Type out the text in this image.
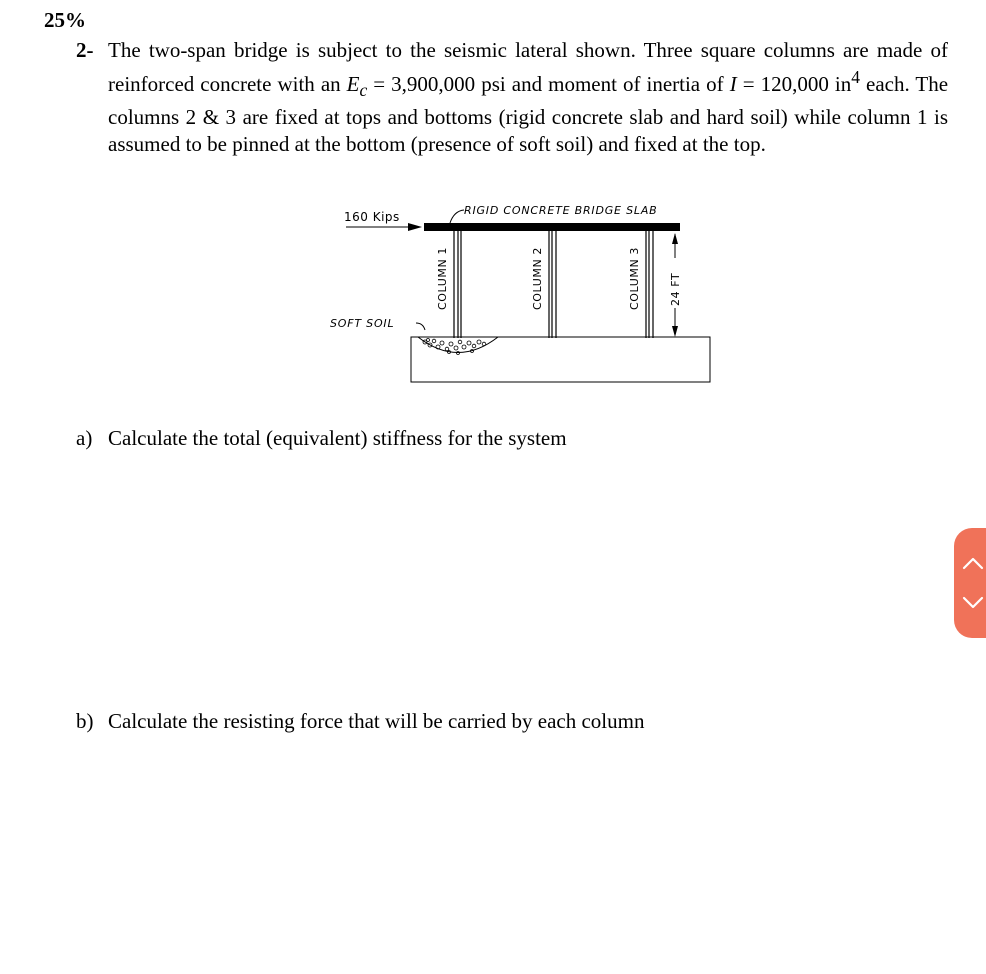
25%

2- The two-span bridge is subject to the seismic lateral shown. Three square columns are made of reinforced concrete with an $E_c = 3,900,000$ psi and moment of inertia of I = 120,000 $in^4$ each. The columns 2 & 3 are fixed at tops and bottoms (rigid concrete slab and hard soil) while column 1 is assumed to be pinned at the bottom (presence of soft soil) and fixed at the top.
160 Kips	RIGID CONCRETE BRIDGE SLAB
COLUMN 1	COLUMN 2	COLUMN 3	24 FT
SOFT SOIL

a) Calculate the total (equivalent) stiffness for the system

b) Calculate the resisting force that will be carried by each column
